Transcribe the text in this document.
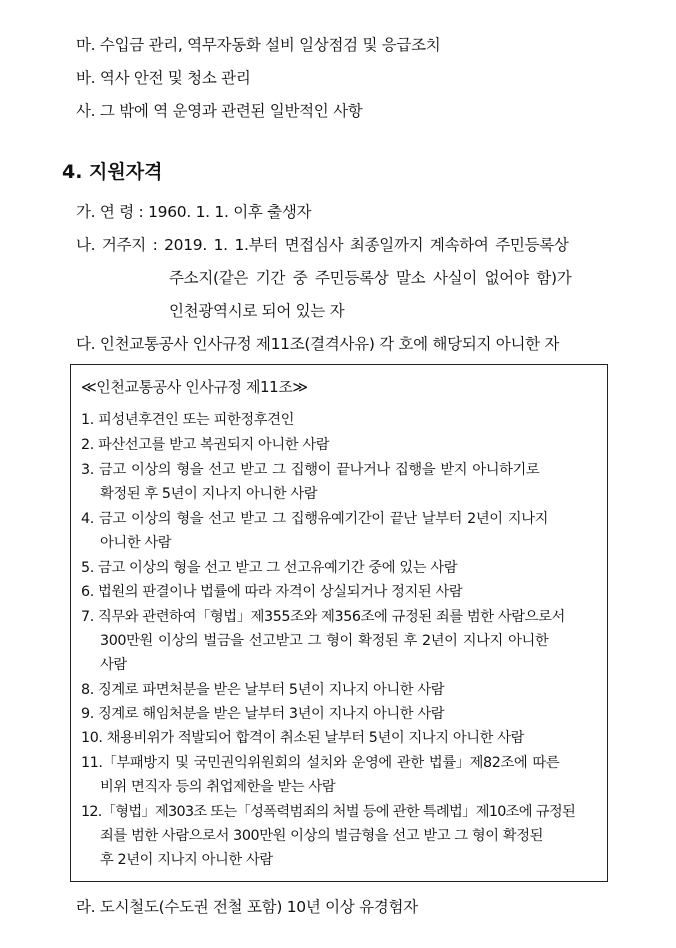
마. 수입금 관리, 역무자동화 설비 일상점검 및 응급조치
바. 역사 안전 및 청소 관리
사. 그 밖에 역 운영과 관련된 일반적인 사항
4. 지원자격
가. 연 령 : 1960. 1. 1. 이후 출생자
나. 거주지 : 2019. 1. 1.부터 면접심사 최종일까지 계속하여 주민등록상
주소지(같은 기간 중 주민등록상 말소 사실이 없어야 함)가
인천광역시로 되어 있는 자
다. 인천교통공사 인사규정 제11조(결격사유) 각 호에 해당되지 아니한 자
≪인천교통공사 인사규정 제11조≫
1. 피성년후견인 또는 피한정후견인
2. 파산선고를 받고 복권되지 아니한 사람
3. 금고 이상의 형을 선고 받고 그 집행이 끝나거나 집행을 받지 아니하기로
확정된 후 5년이 지나지 아니한 사람
4. 금고 이상의 형을 선고 받고 그 집행유예기간이 끝난 날부터 2년이 지나지
아니한 사람
5. 금고 이상의 형을 선고 받고 그 선고유예기간 중에 있는 사람
6. 법원의 판결이나 법률에 따라 자격이 상실되거나 정지된 사람
7. 직무와 관련하여「형법」제355조와 제356조에 규정된 죄를 범한 사람으로서
300만원 이상의 벌금을 선고받고 그 형이 확정된 후 2년이 지나지 아니한
사람
8. 징계로 파면처분을 받은 날부터 5년이 지나지 아니한 사람
9. 징계로 해임처분을 받은 날부터 3년이 지나지 아니한 사람
10. 채용비위가 적발되어 합격이 취소된 날부터 5년이 지나지 아니한 사람
11.「부패방지 및 국민권익위원회의 설치와 운영에 관한 법률」제82조에 따른
비위 면직자 등의 취업제한을 받는 사람
12.「형법」제303조 또는「성폭력범죄의 처벌 등에 관한 특례법」제10조에 규정된
죄를 범한 사람으로서 300만원 이상의 벌금형을 선고 받고 그 형이 확정된
후 2년이 지나지 아니한 사람
라. 도시철도(수도권 전철 포함) 10년 이상 유경험자
